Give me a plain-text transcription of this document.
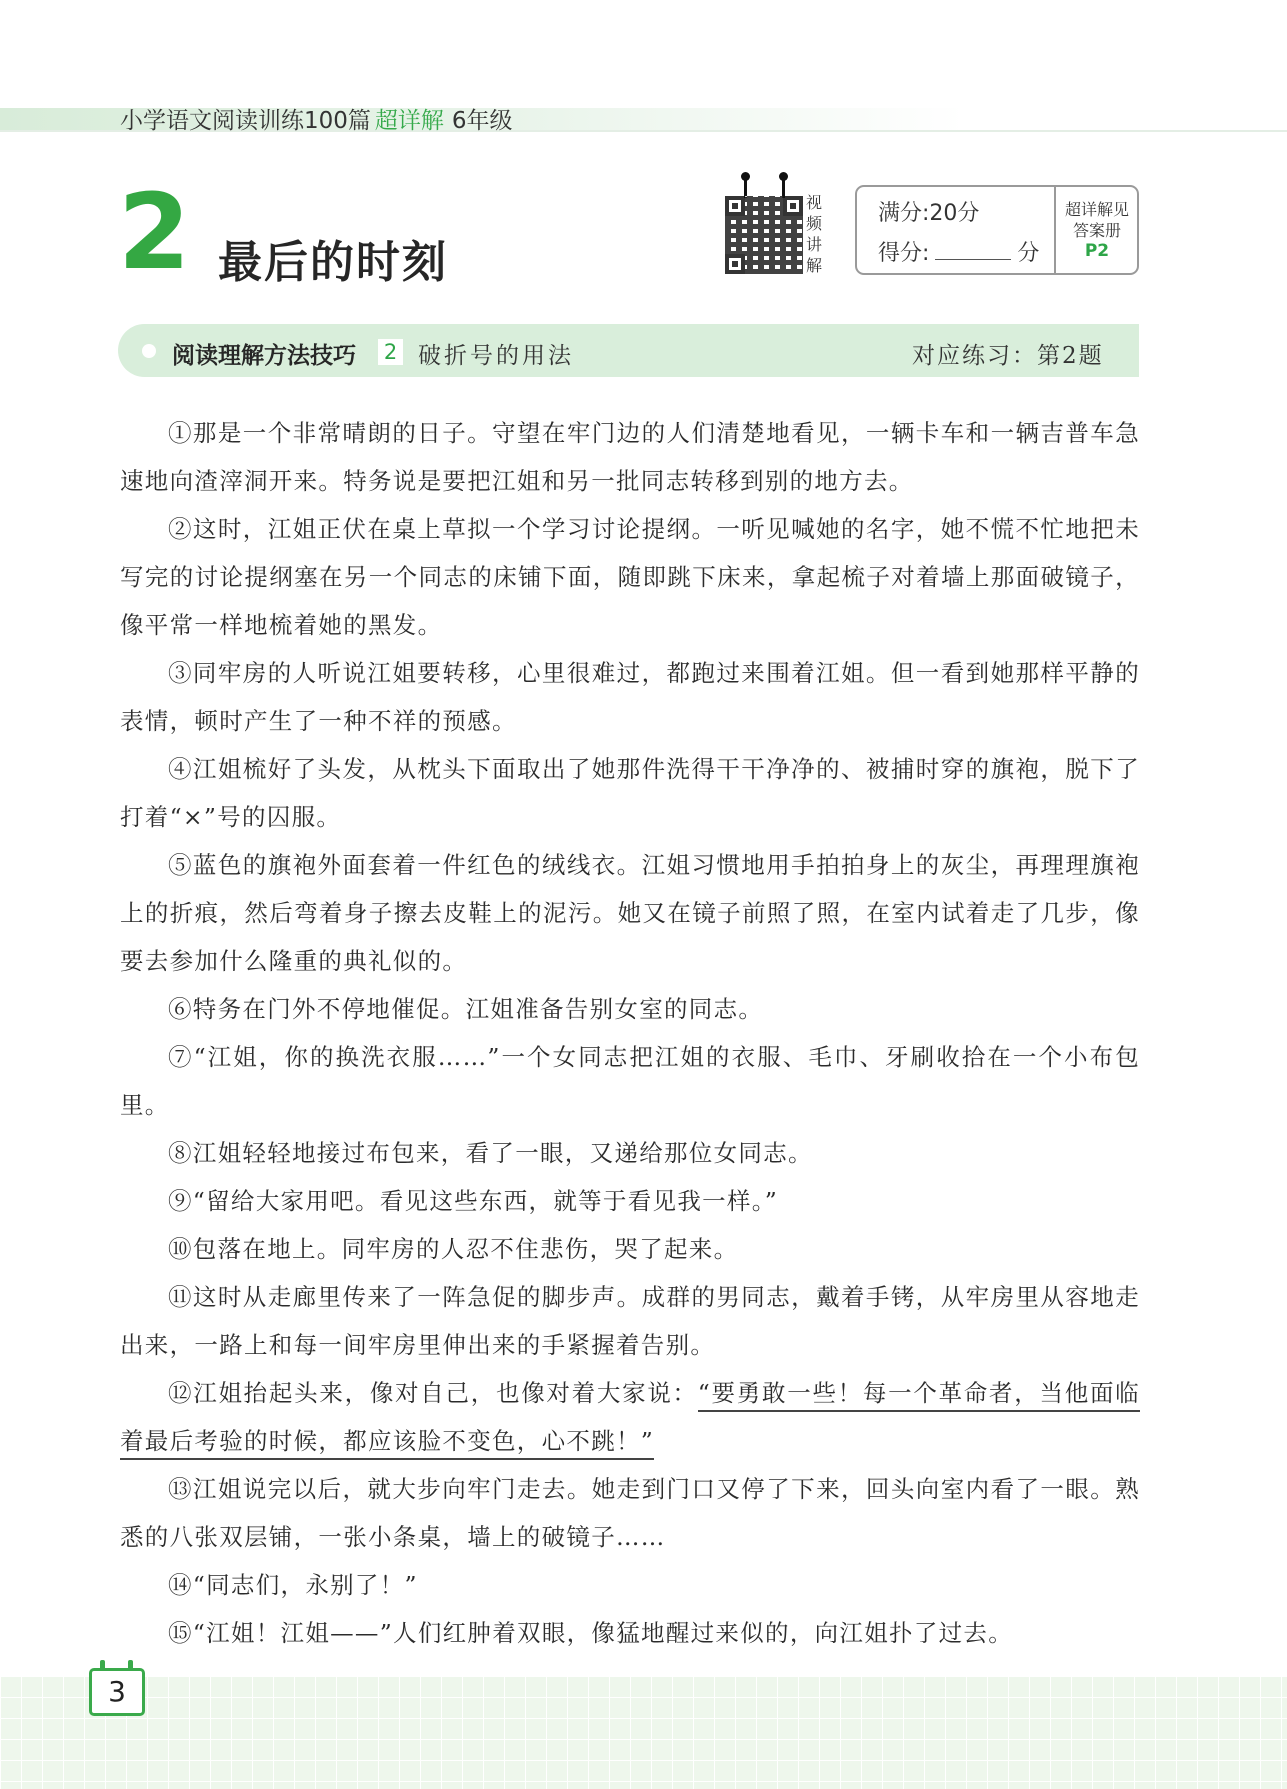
小学语文阅读训练100篇 超详解 6年级
2 最后的时刻
视频讲解
满分:20分
得分:	分
超详解见
答案册
P2
阅读理解方法技巧 2 破折号的用法	对应练习：第2题

①那是一个非常晴朗的日子。守望在牢门边的人们清楚地看见，一辆卡车和一辆吉普车急速地向渣滓洞开来。特务说是要把江姐和另一批同志转移到别的地方去。

②这时，江姐正伏在桌上草拟一个学习讨论提纲。一听见喊她的名字，她不慌不忙地把未写完的讨论提纲塞在另一个同志的床铺下面，随即跳下床来，拿起梳子对着墙上那面破镜子，像平常一样地梳着她的黑发。

③同牢房的人听说江姐要转移，心里很难过，都跑过来围着江姐。但一看到她那样平静的表情，顿时产生了一种不祥的预感。

④江姐梳好了头发，从枕头下面取出了她那件洗得干干净净的、被捕时穿的旗袍，脱下了打着“×”号的囚服。

⑤蓝色的旗袍外面套着一件红色的绒线衣。江姐习惯地用手拍拍身上的灰尘，再理理旗袍上的折痕，然后弯着身子擦去皮鞋上的泥污。她又在镜子前照了照，在室内试着走了几步，像要去参加什么隆重的典礼似的。

⑥特务在门外不停地催促。江姐准备告别女室的同志。

⑦“江姐，你的换洗衣服……”一个女同志把江姐的衣服、毛巾、牙刷收拾在一个小布包里。

⑧江姐轻轻地接过布包来，看了一眼，又递给那位女同志。

⑨“留给大家用吧。看见这些东西，就等于看见我一样。”

⑩包落在地上。同牢房的人忍不住悲伤，哭了起来。

⑪这时从走廊里传来了一阵急促的脚步声。成群的男同志，戴着手铐，从牢房里从容地走出来，一路上和每一间牢房里伸出来的手紧握着告别。

⑫江姐抬起头来，像对自己，也像对着大家说：“要勇敢一些！每一个革命者，当他面临着最后考验的时候，都应该脸不变色，心不跳！”

⑬江姐说完以后，就大步向牢门走去。她走到门口又停了下来，回头向室内看了一眼。熟悉的八张双层铺，一张小条桌，墙上的破镜子……

⑭“同志们，永别了！”

⑮“江姐！江姐——”人们红肿着双眼，像猛地醒过来似的，向江姐扑了过去。

3
